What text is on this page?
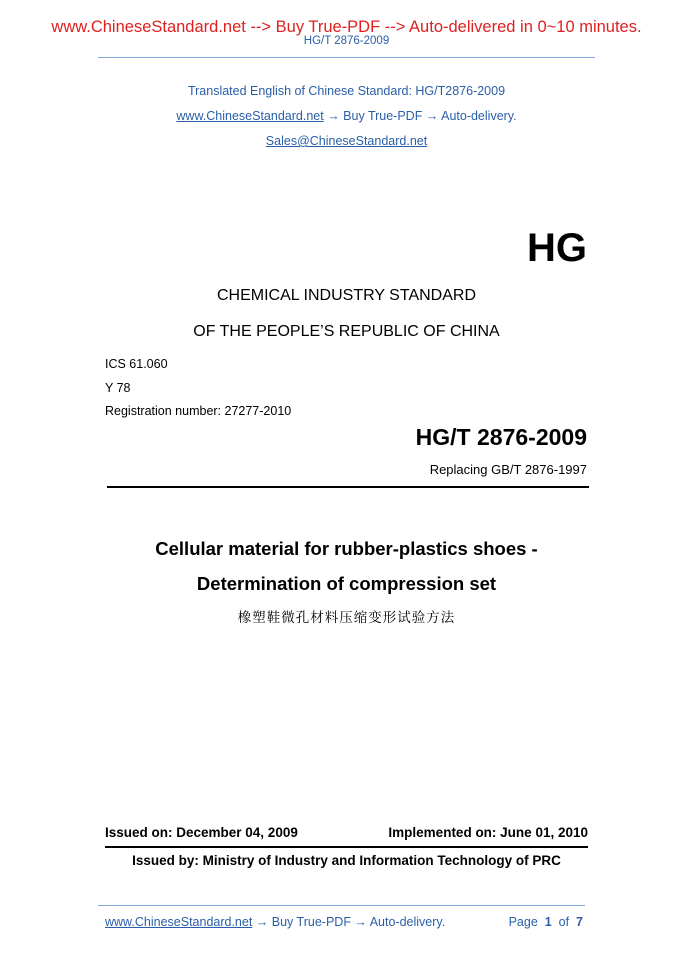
www.ChineseStandard.net --> Buy True-PDF --> Auto-delivered in 0~10 minutes.
HG/T 2876-2009
Translated English of Chinese Standard: HG/T2876-2009
www.ChineseStandard.net → Buy True-PDF → Auto-delivery.
Sales@ChineseStandard.net
HG
CHEMICAL INDUSTRY STANDARD
OF THE PEOPLE’S REPUBLIC OF CHINA
ICS 61.060
Y 78
Registration number: 27277-2010
HG/T 2876-2009
Replacing GB/T 2876-1997
Cellular material for rubber-plastics shoes -
Determination of compression set
橡塑鞋微孔材料压缩变形试验方法
Issued on: December 04, 2009	Implemented on: June 01, 2010
Issued by: Ministry of Industry and Information Technology of PRC
www.ChineseStandard.net → Buy True-PDF → Auto-delivery.	Page 1 of 7
